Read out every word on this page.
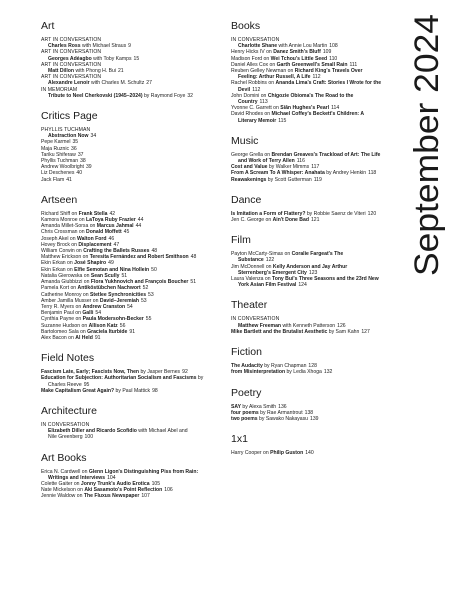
Art
ART IN CONVERSATION
Charles Ross with Michael Straus 9
ART IN CONVERSATION
Georges Adéagbo with Toby Kamps 15
ART IN CONVERSATION
Matt Dillon with Phong H. Bui 21
ART IN CONVERSATION
Alexandre Lenoir with Charles M. Schultz 27
IN MEMORIAM
Tribute to Neel Cherkovski (1945–2024) by Raymond Foye 32
Critics Page
PHYLLIS TUCHMAN
Abstraction Now 34
Pepe Karmel 35
Maja Ruznic 36
Tariku Shiferaw 37
Phyllis Tuchman 38
Andrew Woolbright 39
Liz Deschenes 40
Jack Flam 41
Artseen
Richard Shiff on Frank Stella 42
Kamora Monroe on LaToya Ruby Frazier 44
Amanda Millet-Sorsa on Marcus Jahmal 44
Chris Crossman on Donald Moffett 45
Joseph Akel on Walton Ford 46
Hovey Brock on Displacement 47
William Corwin on Crafting the Ballets Russes 48
Matthew Erickson on Teresita Fernández and Robert Smithson 48
Ekin Erkan on José Shapiro 49
Ekin Erkan on Elfie Semotan and Nina Hollein 50
Natalia Gierowska on Sean Scully 51
Amanda Giubbizzi on Flora Yukhnovich and François Boucher 51
Pamela Kort on Antiköstübchen Nachwort 52
Catherine Monroy on Stetlee Synchronicities 53
Amber Jamilla Musser on David–Jeremiah 53
Terry R. Myers on Andrew Cranston 54
Benjamin Paul on Galli 54
Cynthia Payne on Paula Modersohn-Becker 55
Suzanne Hudson on Allison Katz 56
Bartolomeo Sala on Graciela Iturbide 91
Alex Bacon on Al Held 91
Field Notes
Fascism Late, Early; Fascists Now, Then by Jasper Bernes 92
Education for Subjection: Authoritarian Socialism and Fascisms by
Charles Reeve 95
Make Capitalism Great Again? by Paul Mattick 98
Architecture
IN CONVERSATION
Elizabeth Diller and Ricardo Scofidio with Michael Abel and
Nile Greenberg 100
Art Books
Erica N. Cardwell on Glenn Ligon's Distinguishing Piss from Rain:
Writings and Interviews 104
Colette Gaiter on Jonny Trunk's Audio Erotica 105
Nate Mickelson on Aki Sasamoto's Point Reflection 106
Jennie Waldow on The Fluxus Newspaper 107
Books
IN CONVERSATION
Charlotte Shane with Annie Lou Martin 108
Henry Hicks IV on Danez Smith's Bluff 109
Madison Ford on Wei Tchou's Little Seed 110
Daniel Alles Cox on Garth Greenwell's Small Rain 111
Reuben Gelley Newman on Richard King's Travels Over
Feeling: Arthur Russell, A Life 112
Rachel Robbins on Ananda Lima's Craft: Stories I Wrote for the
Devil 112
John Domini on Chigozie Obioma's The Road to the
Country 113
Yvonne C. Garrett on Siân Hughes's Pearl 114
David Rhodes on Michael Coffey's Beckett's Children: A
Literary Memoir 115
Music
George Grella on Brendan Greaves's Trackload of Art: The Life
and Work of Terry Allen 116
Cost and Value by Walker Mimms 117
From A Scream To A Whisper: Anahata by Andrey Henkin 118
Reawakenings by Scott Gutterman 119
Dance
Is Imitation a Form of Flattery? by Robbie Saenz de Viteri 120
Jen C. George on Ain't Done Bad 121
Film
Payton McCarty-Simas on Coralie Fargeat's The
Substance 122
Jim McDonnell on Kelly Anderson and Jay Arthur
Sterrenberg's Emergent City 123
Laura Valenza on Tony Bui's Three Seasons and the 23rd New
York Asian Film Festival 124
Theater
IN CONVERSATION
Matthew Freeman with Kenneth Patterson 126
Mike Bartlett and the Brutalist Aesthetic by Sam Kahn 127
Fiction
The Audacity by Ryan Chapman 128
from Misinterpretation by Ledia Xhoga 132
Poetry
SAY by Alexa Smith 136
four poems by Rae Armantrout 138
two poems by Sawako Nakayasu 139
1x1
Harry Cooper on Philip Guston 140
September 2024
